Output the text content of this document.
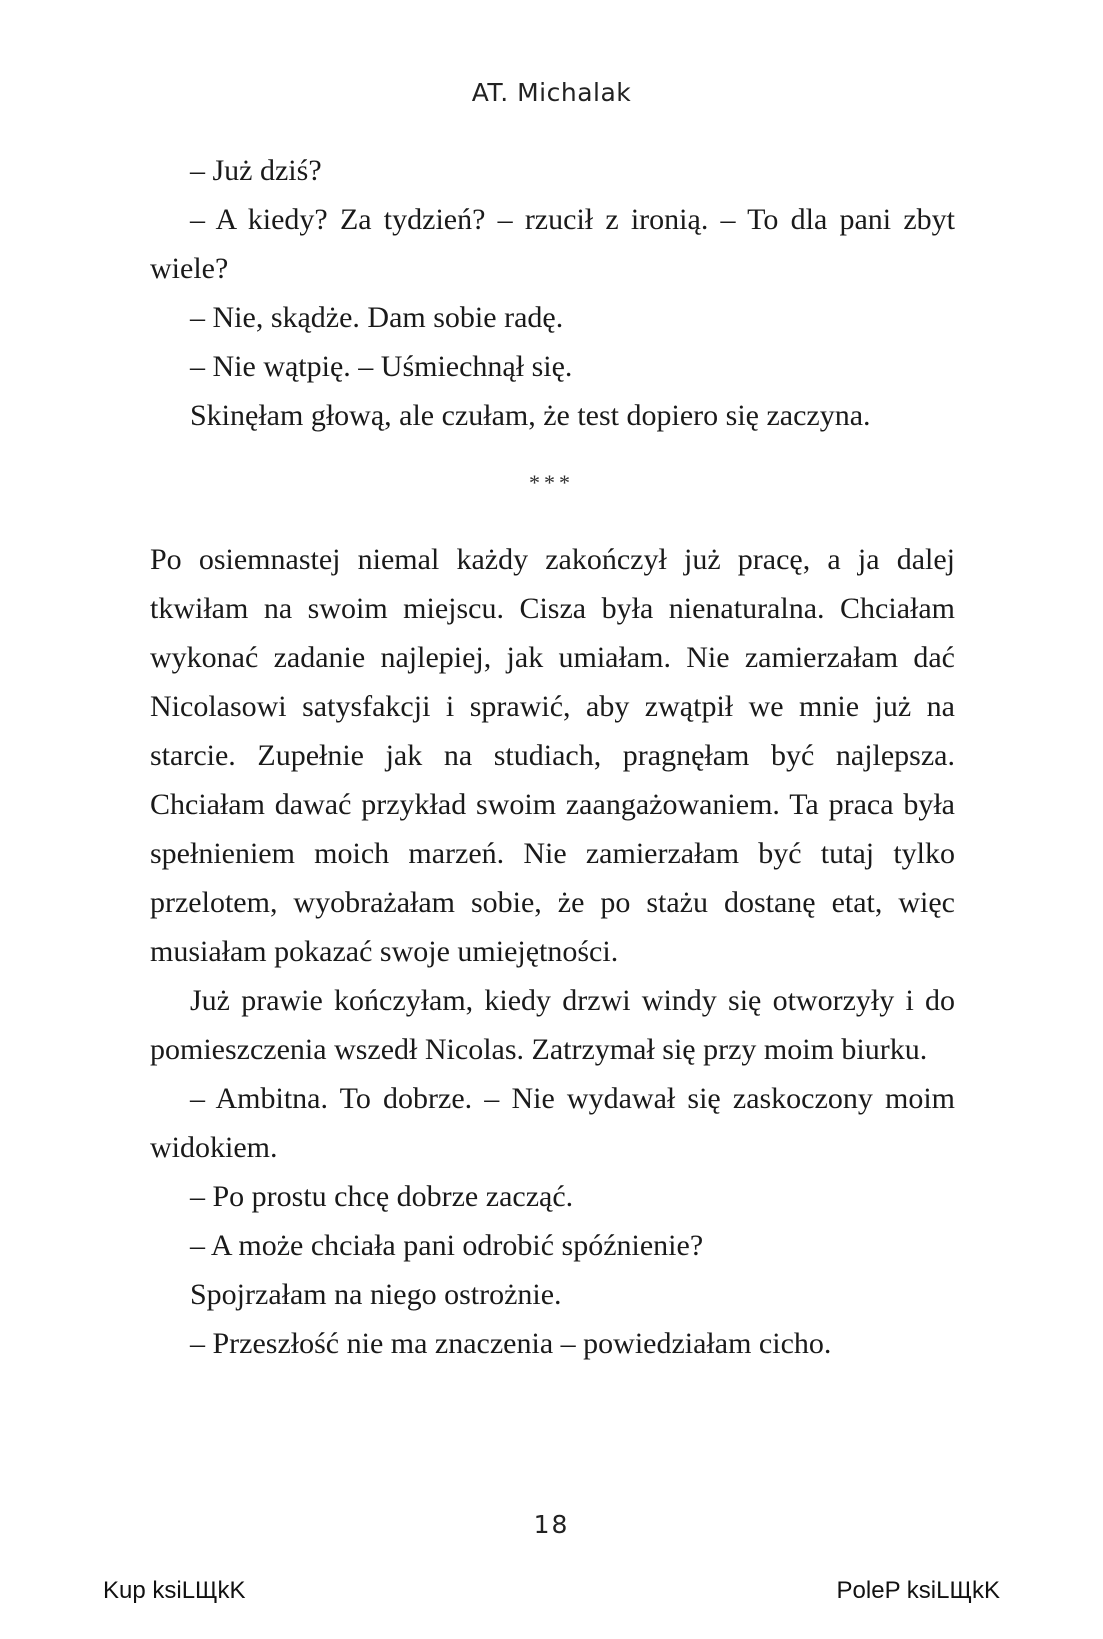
AT. Michalak

– Już dziś?

– A kiedy? Za tydzień? – rzucił z ironią. – To dla pani zbyt wiele?

– Nie, skądże. Dam sobie radę.

– Nie wątpię. – Uśmiechnął się.

Skinęłam głową, ale czułam, że test dopiero się zaczyna.

***

Po osiemnastej niemal każdy zakończył już pracę, a ja dalej tkwiłam na swoim miejscu. Cisza była nienaturalna. Chciałam wykonać zadanie najlepiej, jak umiałam. Nie zamierzałam dać Nicolasowi satysfakcji i sprawić, aby zwątpił we mnie już na starcie. Zupełnie jak na studiach, pragnęłam być najlepsza. Chciałam dawać przykład swoim zaangażowaniem. Ta praca była spełnieniem moich marzeń. Nie zamierzałam być tutaj tylko przelotem, wyobrażałam sobie, że po stażu dostanę etat, więc musiałam pokazać swoje umiejętności.

Już prawie kończyłam, kiedy drzwi windy się otworzyły i do pomieszczenia wszedł Nicolas. Zatrzymał się przy moim biurku.

– Ambitna. To dobrze. – Nie wydawał się zaskoczony moim widokiem.

– Po prostu chcę dobrze zacząć.

– A może chciała pani odrobić spóźnienie?

Spojrzałam na niego ostrożnie.

– Przeszłość nie ma znaczenia – powiedziałam cicho.

18
Kup ksiLЩkK	PoleP ksiLЩkK
